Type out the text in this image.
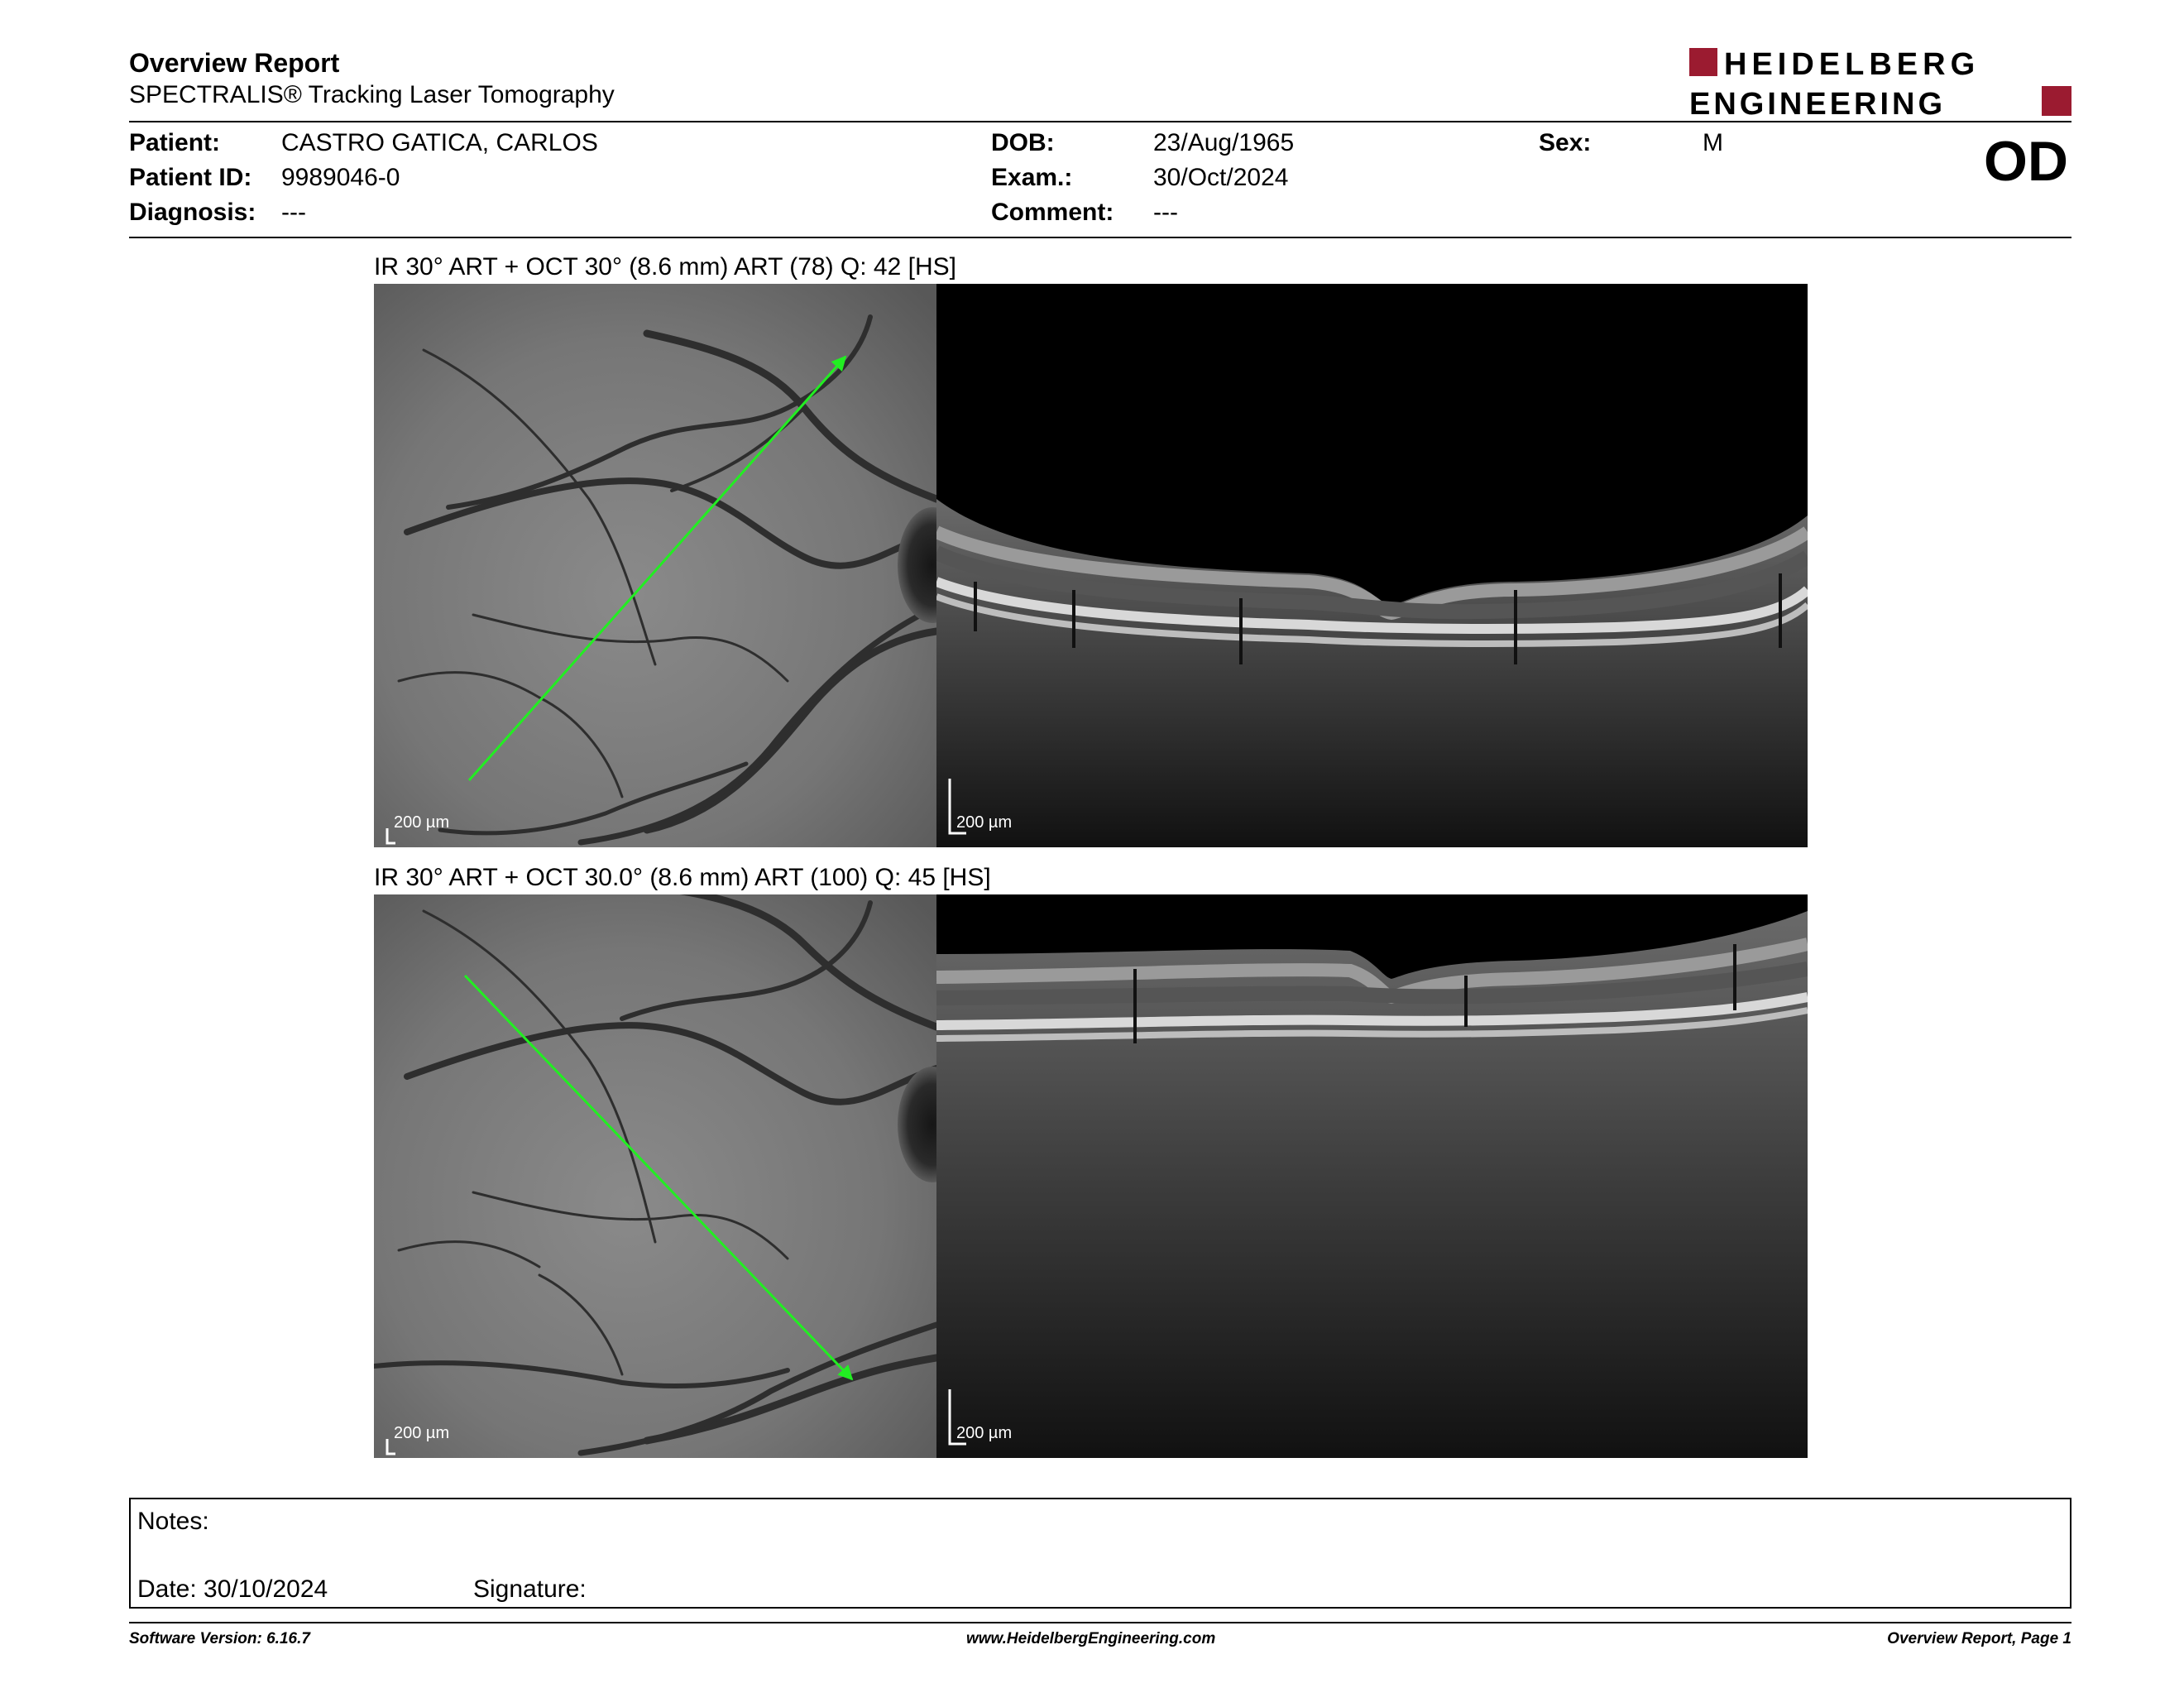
Overview Report
SPECTRALIS® Tracking Laser Tomography
HEIDELBERG
ENGINEERING
Patient: CASTRO GATICA, CARLOS
Patient ID: 9989046-0
Diagnosis: ---
DOB:	23/Aug/1965
Exam.:	30/Oct/2024
Comment: ---
Sex:	M	OD
IR 30° ART + OCT 30° (8.6 mm) ART (78) Q: 42 [HS]
200 µm	200 µm
IR 30° ART + OCT 30.0° (8.6 mm) ART (100) Q: 45 [HS]
200 µm	200 µm
Notes:
Date: 30/10/2024	Signature:
Software Version: 6.16.7	www.HeidelbergEngineering.com	Overview Report, Page 1
